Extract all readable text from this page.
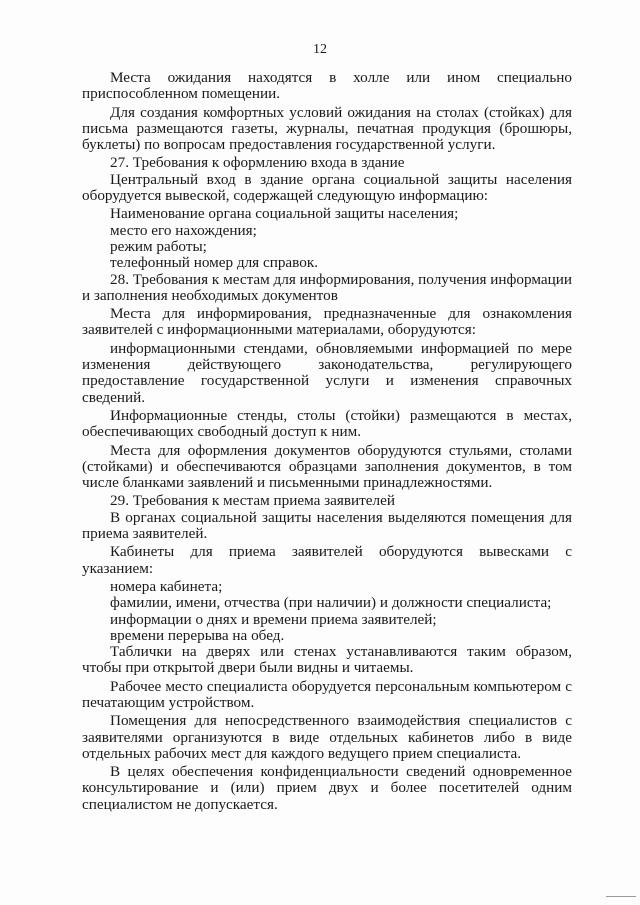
12
Места ожидания находятся в холле или ином специально приспособленном помещении.
Для создания комфортных условий ожидания на столах (стойках) для письма размещаются газеты, журналы, печатная продукция (брошюры, буклеты) по вопросам предоставления государственной услуги.
27. Требования к оформлению входа в здание
Центральный вход в здание органа социальной защиты населения оборудуется вывеской, содержащей следующую информацию:
Наименование органа социальной защиты населения;
место его нахождения;
режим работы;
телефонный номер для справок.
28. Требования к местам для информирования, получения информации и заполнения необходимых документов
Места для информирования, предназначенные для ознакомления заявителей с информационными материалами, оборудуются:
информационными стендами, обновляемыми информацией по мере изменения действующего законодательства, регулирующего предоставление государственной услуги и изменения справочных сведений.
Информационные стенды, столы (стойки) размещаются в местах, обеспечивающих свободный доступ к ним.
Места для оформления документов оборудуются стульями, столами (стойками) и обеспечиваются образцами заполнения документов, в том числе бланками заявлений и письменными принадлежностями.
29. Требования к местам приема заявителей
В органах социальной защиты населения выделяются помещения для приема заявителей.
Кабинеты для приема заявителей оборудуются вывесками с указанием:
номера кабинета;
фамилии, имени, отчества (при наличии) и должности специалиста;
информации о днях и времени приема заявителей;
времени перерыва на обед.
Таблички на дверях или стенах устанавливаются таким образом, чтобы при открытой двери были видны и читаемы.
Рабочее место специалиста оборудуется персональным компьютером с печатающим устройством.
Помещения для непосредственного взаимодействия специалистов с заявителями организуются в виде отдельных кабинетов либо в виде отдельных рабочих мест для каждого ведущего прием специалиста.
В целях обеспечения конфиденциальности сведений одновременное консультирование и (или) прием двух и более посетителей одним специалистом не допускается.
